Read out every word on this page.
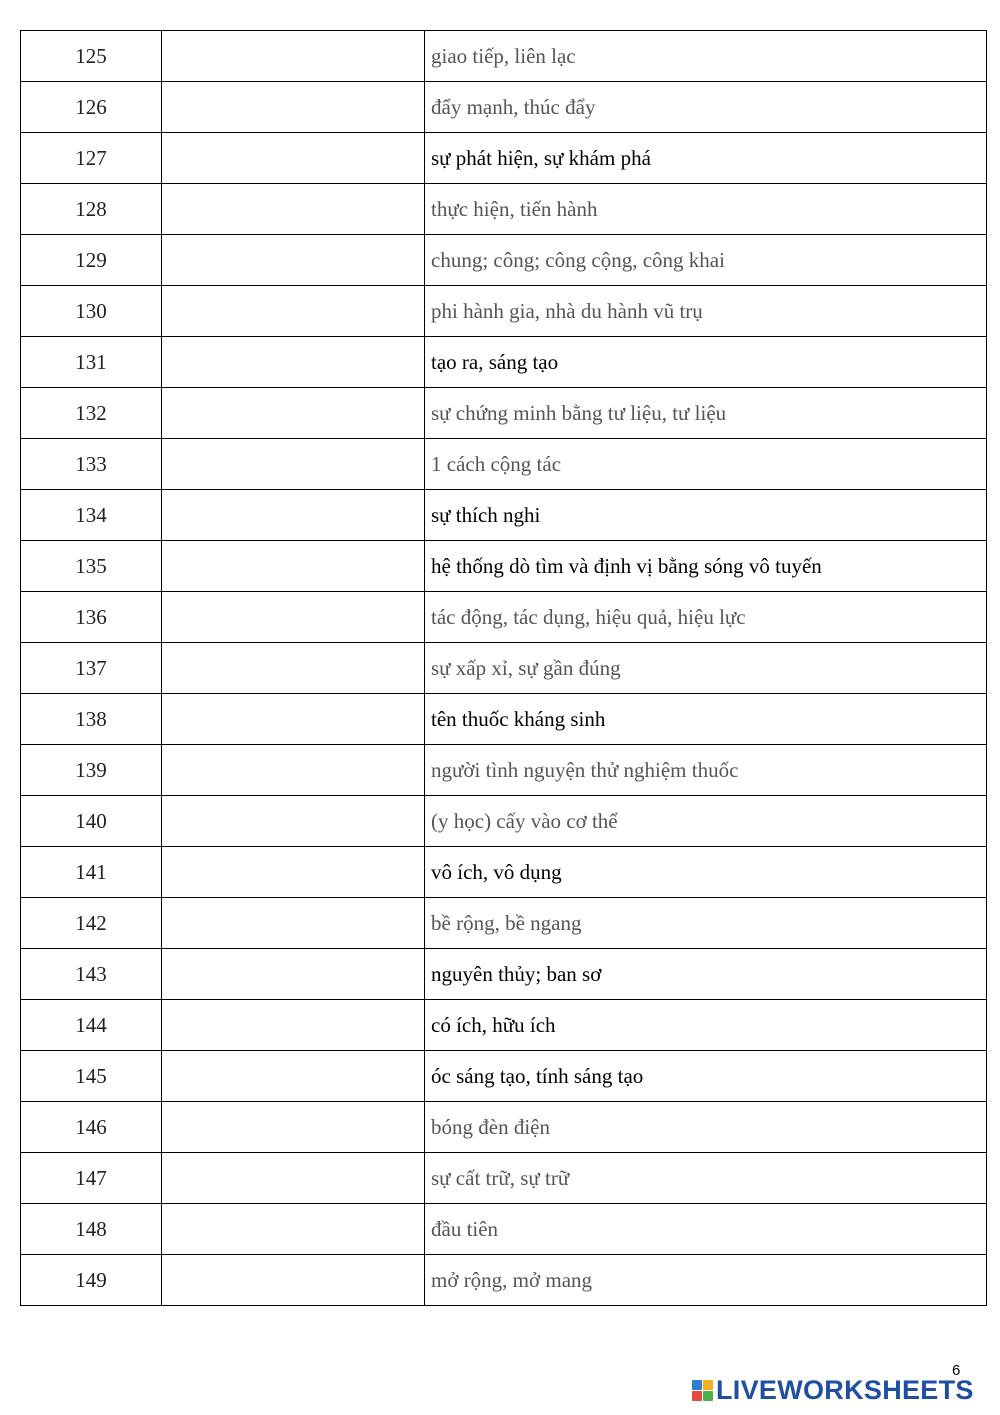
125		giao tiếp, liên lạc
126		đẩy mạnh, thúc đẩy
127		sự phát hiện, sự khám phá
128		thực hiện, tiến hành
129		chung; công; công cộng, công khai
130		phi hành gia, nhà du hành vũ trụ
131		tạo ra, sáng tạo
132		sự chứng minh bằng tư liệu, tư liệu
133		1 cách cộng tác
134		sự thích nghi
135		hệ thống dò tìm và định vị bằng sóng vô tuyến
136		tác động, tác dụng, hiệu quả, hiệu lực
137		sự xấp xỉ, sự gần đúng
138		tên thuốc kháng sinh
139		người tình nguyện thử nghiệm thuốc
140		(y học) cấy vào cơ thể
141		vô ích, vô dụng
142		bề rộng, bề ngang
143		nguyên thủy; ban sơ
144		có ích, hữu ích
145		óc sáng tạo, tính sáng tạo
146		bóng đèn điện
147		sự cất trữ, sự trữ
148		đầu tiên
149		mở rộng, mở mang
6
LIVEWORKSHEETS
